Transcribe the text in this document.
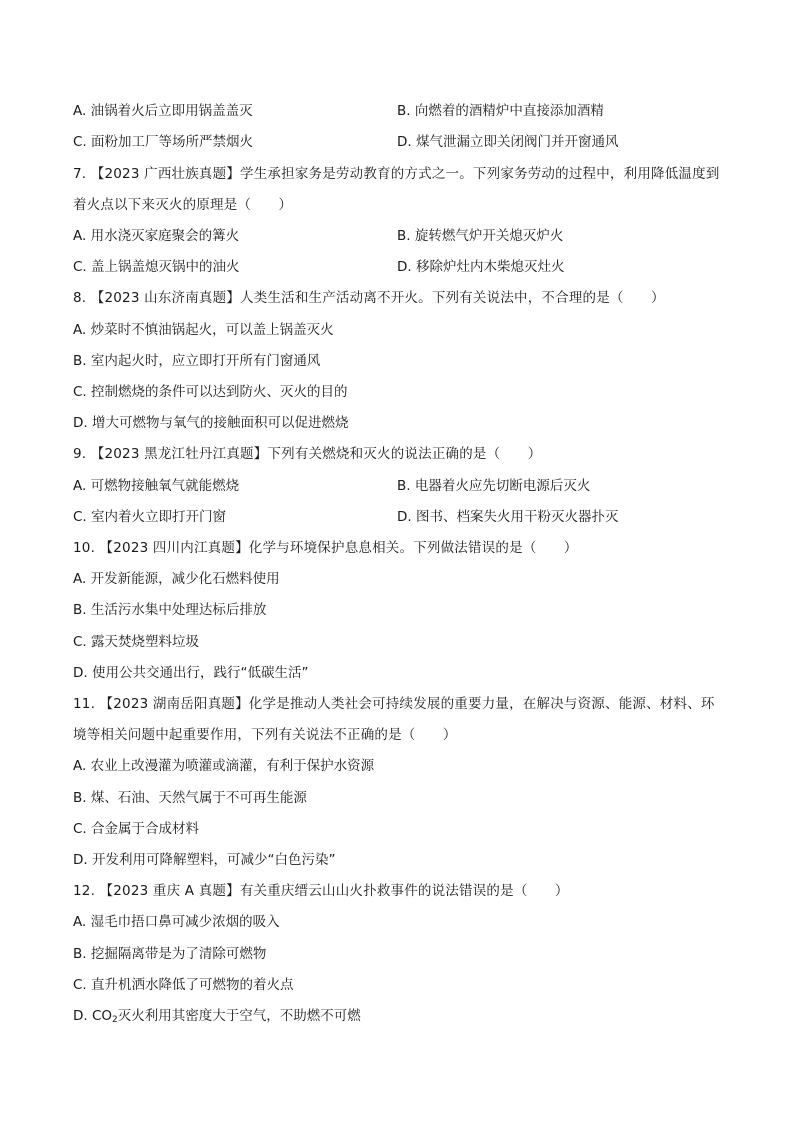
A. 油锅着火后立即用锅盖盖灭	B. 向燃着的酒精炉中直接添加酒精
C. 面粉加工厂等场所严禁烟火	D. 煤气泄漏立即关闭阀门并开窗通风
7. 【2023 广西壮族真题】学生承担家务是劳动教育的方式之一。下列家务劳动的过程中，利用降低温度到
着火点以下来灭火的原理是（　　）
A. 用水浇灭家庭聚会的篝火	B. 旋转燃气炉开关熄灭炉火
C. 盖上锅盖熄灭锅中的油火	D. 移除炉灶内木柴熄灭灶火
8. 【2023 山东济南真题】人类生活和生产活动离不开火。下列有关说法中，不合理的是（　　）
A. 炒菜时不慎油锅起火，可以盖上锅盖灭火
B. 室内起火时，应立即打开所有门窗通风
C. 控制燃烧的条件可以达到防火、灭火的目的
D. 增大可燃物与氧气的接触面积可以促进燃烧
9. 【2023 黑龙江牡丹江真题】下列有关燃烧和灭火的说法正确的是（　　）
A. 可燃物接触氧气就能燃烧	B. 电器着火应先切断电源后灭火
C. 室内着火立即打开门窗	D. 图书、档案失火用干粉灭火器扑灭
10. 【2023 四川内江真题】化学与环境保护息息相关。下列做法错误的是（　　）
A. 开发新能源，减少化石燃料使用
B. 生活污水集中处理达标后排放
C. 露天焚烧塑料垃圾
D. 使用公共交通出行，践行“低碳生活”
11. 【2023 湖南岳阳真题】化学是推动人类社会可持续发展的重要力量，在解决与资源、能源、材料、环
境等相关问题中起重要作用，下列有关说法不正确的是（　　）
A. 农业上改漫灌为喷灌或滴灌，有利于保护水资源
B. 煤、石油、天然气属于不可再生能源
C. 合金属于合成材料
D. 开发利用可降解塑料，可减少“白色污染”
12. 【2023 重庆 A 真题】有关重庆缙云山山火扑救事件的说法错误的是（　　）
A. 湿毛巾捂口鼻可减少浓烟的吸入
B. 挖掘隔离带是为了清除可燃物
C. 直升机洒水降低了可燃物的着火点
D. $CO_2$灭火利用其密度大于空气，不助燃不可燃
